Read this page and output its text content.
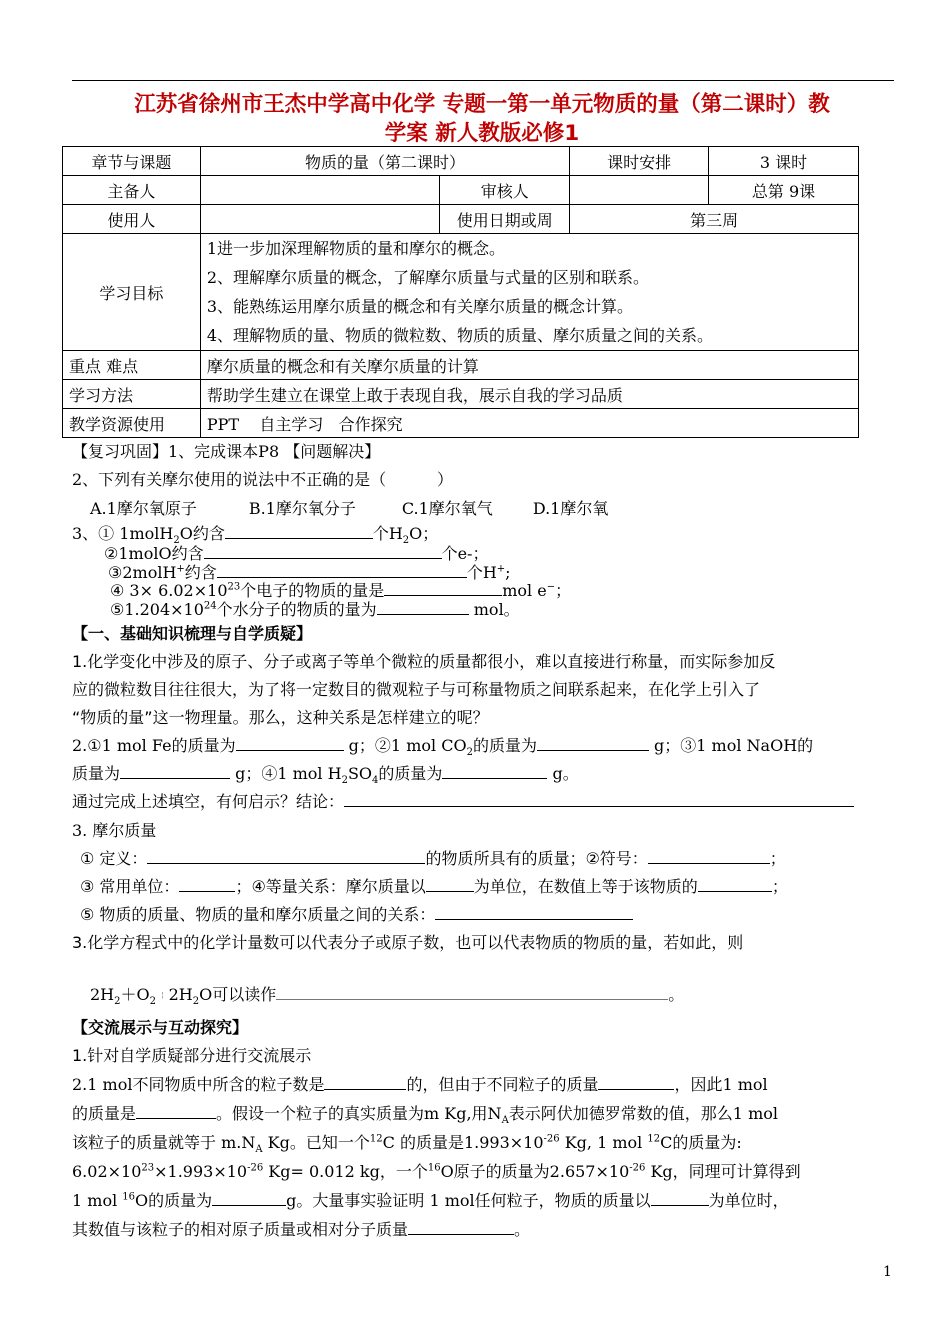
江苏省徐州市王杰中学高中化学 专题一第一单元物质的量（第二课时）教
学案 新人教版必修1
章节与课题	物质的量（第二课时）		课时安排	3 课时
主备人		审核人		总第 9课
使用人		使用日期或周	第三周	
学习目标	1进一步加深理解物质的量和摩尔的概念。
2、理解摩尔质量的概念，了解摩尔质量与式量的区别和联系。
3、能熟练运用摩尔质量的概念和有关摩尔质量的概念计算。
4、理解物质的量、物质的微粒数、物质的质量、摩尔质量之间的关系。			

重点 难点	摩尔质量的概念和有关摩尔质量的计算			
学习方法	帮助学生建立在课堂上敢于表现自我，展示自我的学习品质			
教学资源使用	PPT    自主学习   合作探究			
【复习巩固】1、完成课本P8 【问题解决】
2、下列有关摩尔使用的说法中不正确的是（          ）
A.1摩尔氧原子	B.1摩尔氧分子	C.1摩尔氧气	D.1摩尔氧
3、① 1molH$_2$O约含	个$H_2O$；
②1molO约含	个e-；
③2molH+约含	个H+;
④ $3\times 6.02\times 10^{23}$个电子的物质的量是	mol e−；
$⑤1.204\times 10^{24}$个水分子的物质的量为	mol。
【一、基础知识梳理与自学质疑】
1.化学变化中涉及的原子、分子或离子等单个微粒的质量都很小，难以直接进行称量，而实际参加反
应的微粒数目往往很大，为了将一定数目的微观粒子与可称量物质之间联系起来，在化学上引入了
“物质的量”这一物理量。那么，这种关系是怎样建立的呢？
2.①1 mol Fe的质量为	g；②1 mol $CO_2$的质量为	g；③1 mol NaOH的
质量为	g；④1 mol $H_2SO_4$的质量为	g。
通过完成上述填空，有何启示？结论：
3. 摩尔质量
① 定义：	的物质所具有的质量；②符号：	；
③ 常用单位：	；④等量关系：摩尔质量以	为单位，在数值上等于该物质的	；
⑤ 物质的质量、物质的量和摩尔质量之间的关系：
3.化学方程式中的化学计量数可以代表分子或原子数，也可以代表物质的物质的量，若如此，则
$2H_2+O_2$ ¦ $2H_2O$可以读作	。
【交流展示与互动探究】
1.针对自学质疑部分进行交流展示
2.1 mol不同物质中所含的粒子数是	的，但由于不同粒子的质量	，因此1 mol
的质量是	。假设一个粒子的真实质量为m Kg,用$N_A$表示阿伏加德罗常数的值，那么1 mol
该粒子的质量就等于 $m.N_A$ Kg。已知一个$^{12}$C 的质量是$1.993\times 10^{-26}$ Kg, 1 mol $^{12}$C的质量为:
$6.02\times 10^{23}\times 1.993\times 10^{-26}$ Kg= 0.012 kg，一个$^{16}$O原子的质量为$2.657\times 10^{-26}$ Kg，同理可计算得到
1 mol $^{16}$O的质量为	g。大量事实验证明 1 mol任何粒子，物质的质量以	为单位时，
其数值与该粒子的相对原子质量或相对分子质量	。
1
